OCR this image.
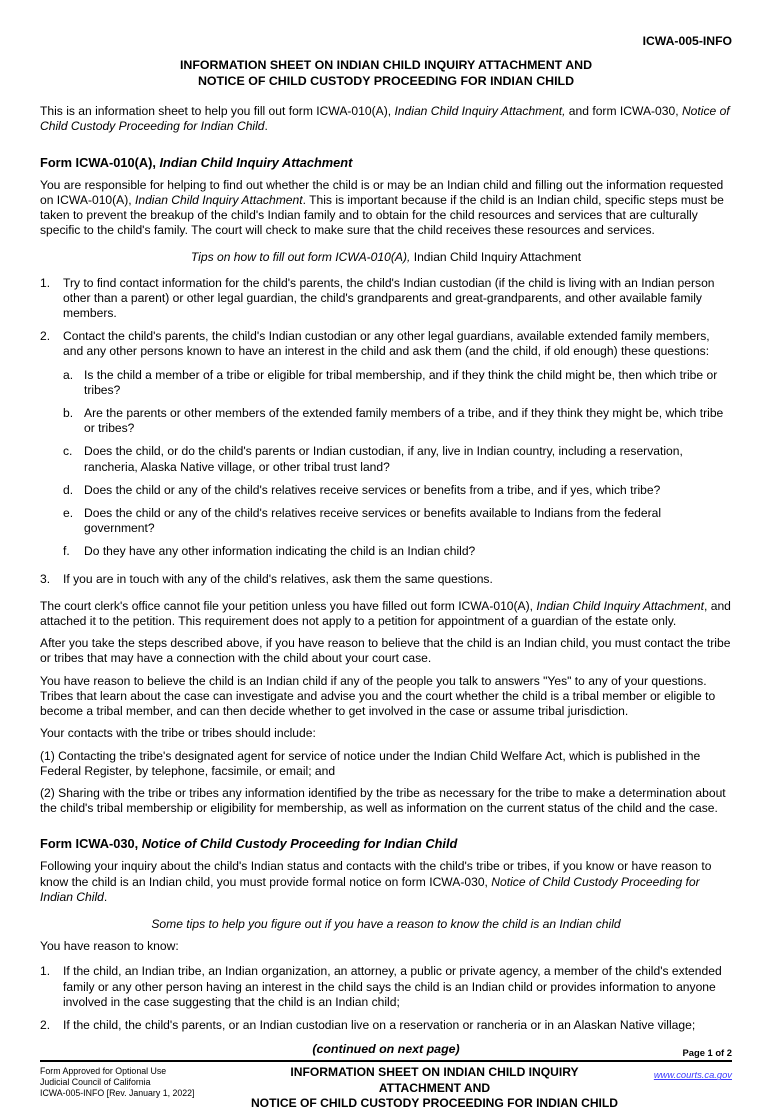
ICWA-005-INFO
INFORMATION SHEET ON INDIAN CHILD INQUIRY ATTACHMENT AND
NOTICE OF CHILD CUSTODY PROCEEDING FOR INDIAN CHILD

This is an information sheet to help you fill out form ICWA-010(A), Indian Child Inquiry Attachment, and form ICWA-030, Notice of Child Custody Proceeding for Indian Child.

Form ICWA-010(A), Indian Child Inquiry Attachment

You are responsible for helping to find out whether the child is or may be an Indian child and filling out the information requested on ICWA-010(A), Indian Child Inquiry Attachment. This is important because if the child is an Indian child, specific steps must be taken to prevent the breakup of the child's Indian family and to obtain for the child resources and services that are culturally specific to the child's family. The court will check to make sure that the child receives these resources and services.

Tips on how to fill out form ICWA-010(A), Indian Child Inquiry Attachment

1.	Try to find contact information for the child's parents, the child's Indian custodian (if the child is living with an Indian person other than a parent) or other legal guardian, the child's grandparents and great-grandparents, and other available family members.
2.	Contact the child's parents, the child's Indian custodian or any other legal guardians, available extended family members, and any other persons known to have an interest in the child and ask them (and the child, if old enough) these questions:
a. Is the child a member of a tribe or eligible for tribal membership, and if they think the child might be, then which tribe or tribes?
b. Are the parents or other members of the extended family members of a tribe, and if they think they might be, which tribe or tribes?
c. Does the child, or do the child's parents or Indian custodian, if any, live in Indian country, including a reservation, rancheria, Alaska Native village, or other tribal trust land?
d. Does the child or any of the child's relatives receive services or benefits from a tribe, and if yes, which tribe?
e. Does the child or any of the child's relatives receive services or benefits available to Indians from the federal government?
f.	Do they have any other information indicating the child is an Indian child?
3.	If you are in touch with any of the child's relatives, ask them the same questions.

The court clerk's office cannot file your petition unless you have filled out form ICWA-010(A), Indian Child Inquiry Attachment, and attached it to the petition. This requirement does not apply to a petition for appointment of a guardian of the estate only.

After you take the steps described above, if you have reason to believe that the child is an Indian child, you must contact the tribe or tribes that may have a connection with the child about your court case.

You have reason to believe the child is an Indian child if any of the people you talk to answers "Yes" to any of your questions. Tribes that learn about the case can investigate and advise you and the court whether the child is a tribal member or eligible to become a tribal member, and can then decide whether to get involved in the case or assume tribal jurisdiction.

Your contacts with the tribe or tribes should include:

(1) Contacting the tribe's designated agent for service of notice under the Indian Child Welfare Act, which is published in the Federal Register, by telephone, facsimile, or email; and

(2) Sharing with the tribe or tribes any information identified by the tribe as necessary for the tribe to make a determination about the child's tribal membership or eligibility for membership, as well as information on the current status of the child and the case.

Form ICWA-030, Notice of Child Custody Proceeding for Indian Child

Following your inquiry about the child's Indian status and contacts with the child's tribe or tribes, if you know or have reason to know the child is an Indian child, you must provide formal notice on form ICWA-030, Notice of Child Custody Proceeding for Indian Child.

Some tips to help you figure out if you have a reason to know the child is an Indian child

You have reason to know:

1.	If the child, an Indian tribe, an Indian organization, an attorney, a public or private agency, a member of the child's extended family or any other person having an interest in the child says the child is an Indian child or provides information to anyone involved in the case suggesting that the child is an Indian child;
2.	If the child, the child's parents, or an Indian custodian live on a reservation or rancheria or in an Alaskan Native village;
(continued on next page)	Page 1 of 2
Form Approved for Optional Use
Judicial Council of California
ICWA-005-INFO [Rev. January 1, 2022]
INFORMATION SHEET ON INDIAN CHILD INQUIRY ATTACHMENT AND
NOTICE OF CHILD CUSTODY PROCEEDING FOR INDIAN CHILD
www.courts.ca.gov
